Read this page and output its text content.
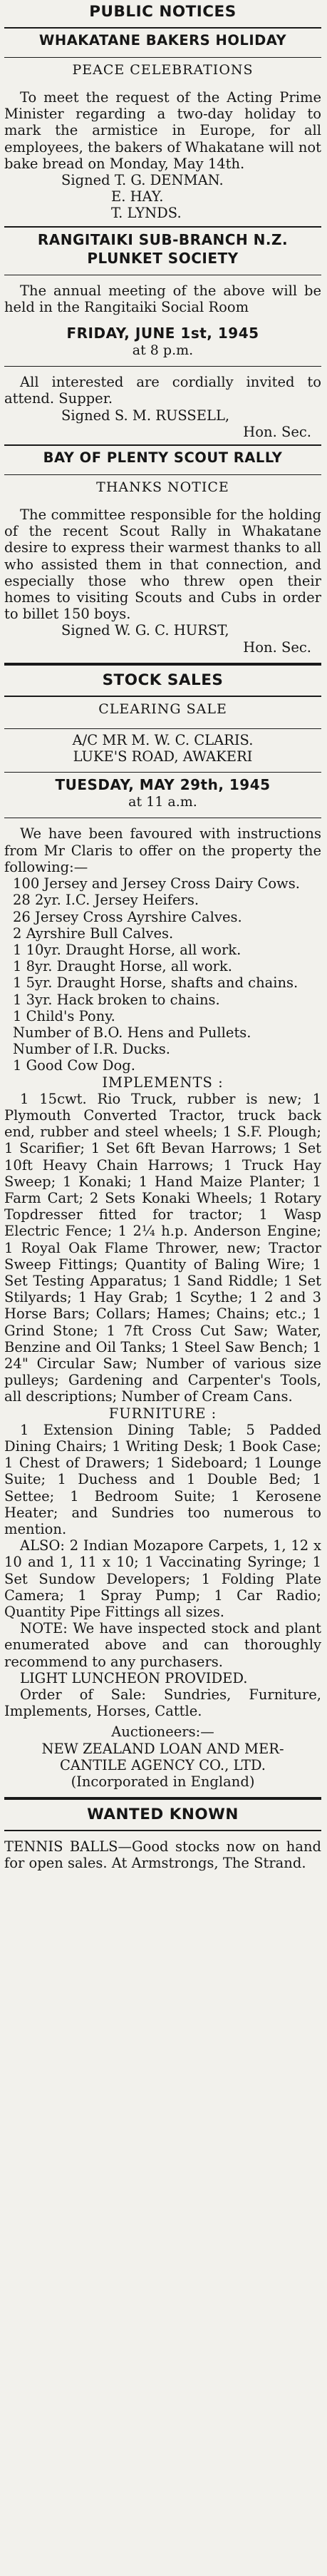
PUBLIC NOTICES
WHAKATANE BAKERS HOLIDAY
PEACE CELEBRATIONS

To meet the request of the Acting Prime Minister regarding a two-day holiday to mark the armistice in Europe, for all employees, the bakers of Whakatane will not bake bread on Monday, May 14th.

Signed T. G. DENMAN.

E. HAY.

T. LYNDS.

RANGITAIKI SUB-BRANCH N.Z. PLUNKET SOCIETY

The annual meeting of the above will be held in the Rangitaiki Social Room

FRIDAY, JUNE 1st, 1945

at 8 p.m.

All interested are cordially invited to attend. Supper.

Signed S. M. RUSSELL,

Hon. Sec.

BAY OF PLENTY SCOUT RALLY
THANKS NOTICE

The committee responsible for the holding of the recent Scout Rally in Whakatane desire to express their warmest thanks to all who assisted them in that connection, and especially those who threw open their homes to visiting Scouts and Cubs in order to billet 150 boys.

Signed W. G. C. HURST,

Hon. Sec.

STOCK SALES
CLEARING SALE

A/C MR M. W. C. CLARIS.

LUKE'S ROAD, AWAKERI

TUESDAY, MAY 29th, 1945

at 11 a.m.

We have been favoured with instructions from Mr Claris to offer on the property the following:—

100 Jersey and Jersey Cross Dairy Cows.

28 2yr. I.C. Jersey Heifers.

26 Jersey Cross Ayrshire Calves.

2 Ayrshire Bull Calves.

1 10yr. Draught Horse, all work.

1 8yr. Draught Horse, all work.

1 5yr. Draught Horse, shafts and chains.

1 3yr. Hack broken to chains.

1 Child's Pony.

Number of B.O. Hens and Pullets.

Number of I.R. Ducks.

1 Good Cow Dog.

IMPLEMENTS :

1 15cwt. Rio Truck, rubber is new; 1 Plymouth Converted Tractor, truck back end, rubber and steel wheels; 1 S.F. Plough; 1 Scarifier; 1 Set 6ft Bevan Harrows; 1 Set 10ft Heavy Chain Harrows; 1 Truck Hay Sweep; 1 Konaki; 1 Hand Maize Planter; 1 Farm Cart; 2 Sets Konaki Wheels; 1 Rotary Topdresser fitted for tractor; 1 Wasp Electric Fence; 1 2¼ h.p. Anderson Engine; 1 Royal Oak Flame Thrower, new; Tractor Sweep Fittings; Quantity of Baling Wire; 1 Set Testing Apparatus; 1 Sand Riddle; 1 Set Stilyards; 1 Hay Grab; 1 Scythe; 1 2 and 3 Horse Bars; Collars; Hames; Chains; etc.; 1 Grind Stone; 1 7ft Cross Cut Saw; Water, Benzine and Oil Tanks; 1 Steel Saw Bench; 1 24" Circular Saw; Number of various size pulleys; Gardening and Carpenter's Tools, all descriptions; Number of Cream Cans.

FURNITURE :

1 Extension Dining Table; 5 Padded Dining Chairs; 1 Writing Desk; 1 Book Case; 1 Chest of Drawers; 1 Sideboard; 1 Lounge Suite; 1 Duchess and 1 Double Bed; 1 Settee; 1 Bedroom Suite; 1 Kerosene Heater; and Sundries too numerous to mention.

ALSO: 2 Indian Mozapore Carpets, 1, 12 x 10 and 1, 11 x 10; 1 Vaccinating Syringe; 1 Set Sundow Developers; 1 Folding Plate Camera; 1 Spray Pump; 1 Car Radio; Quantity Pipe Fittings all sizes.

NOTE: We have inspected stock and plant enumerated above and can thoroughly recommend to any purchasers.

LIGHT LUNCHEON PROVIDED.

Order of Sale: Sundries, Furniture, Implements, Horses, Cattle.

Auctioneers:—

NEW ZEALAND LOAN AND MER-

CANTILE AGENCY CO., LTD.

(Incorporated in England)

WANTED KNOWN

TENNIS BALLS—Good stocks now on hand for open sales. At Armstrongs, The Strand.
